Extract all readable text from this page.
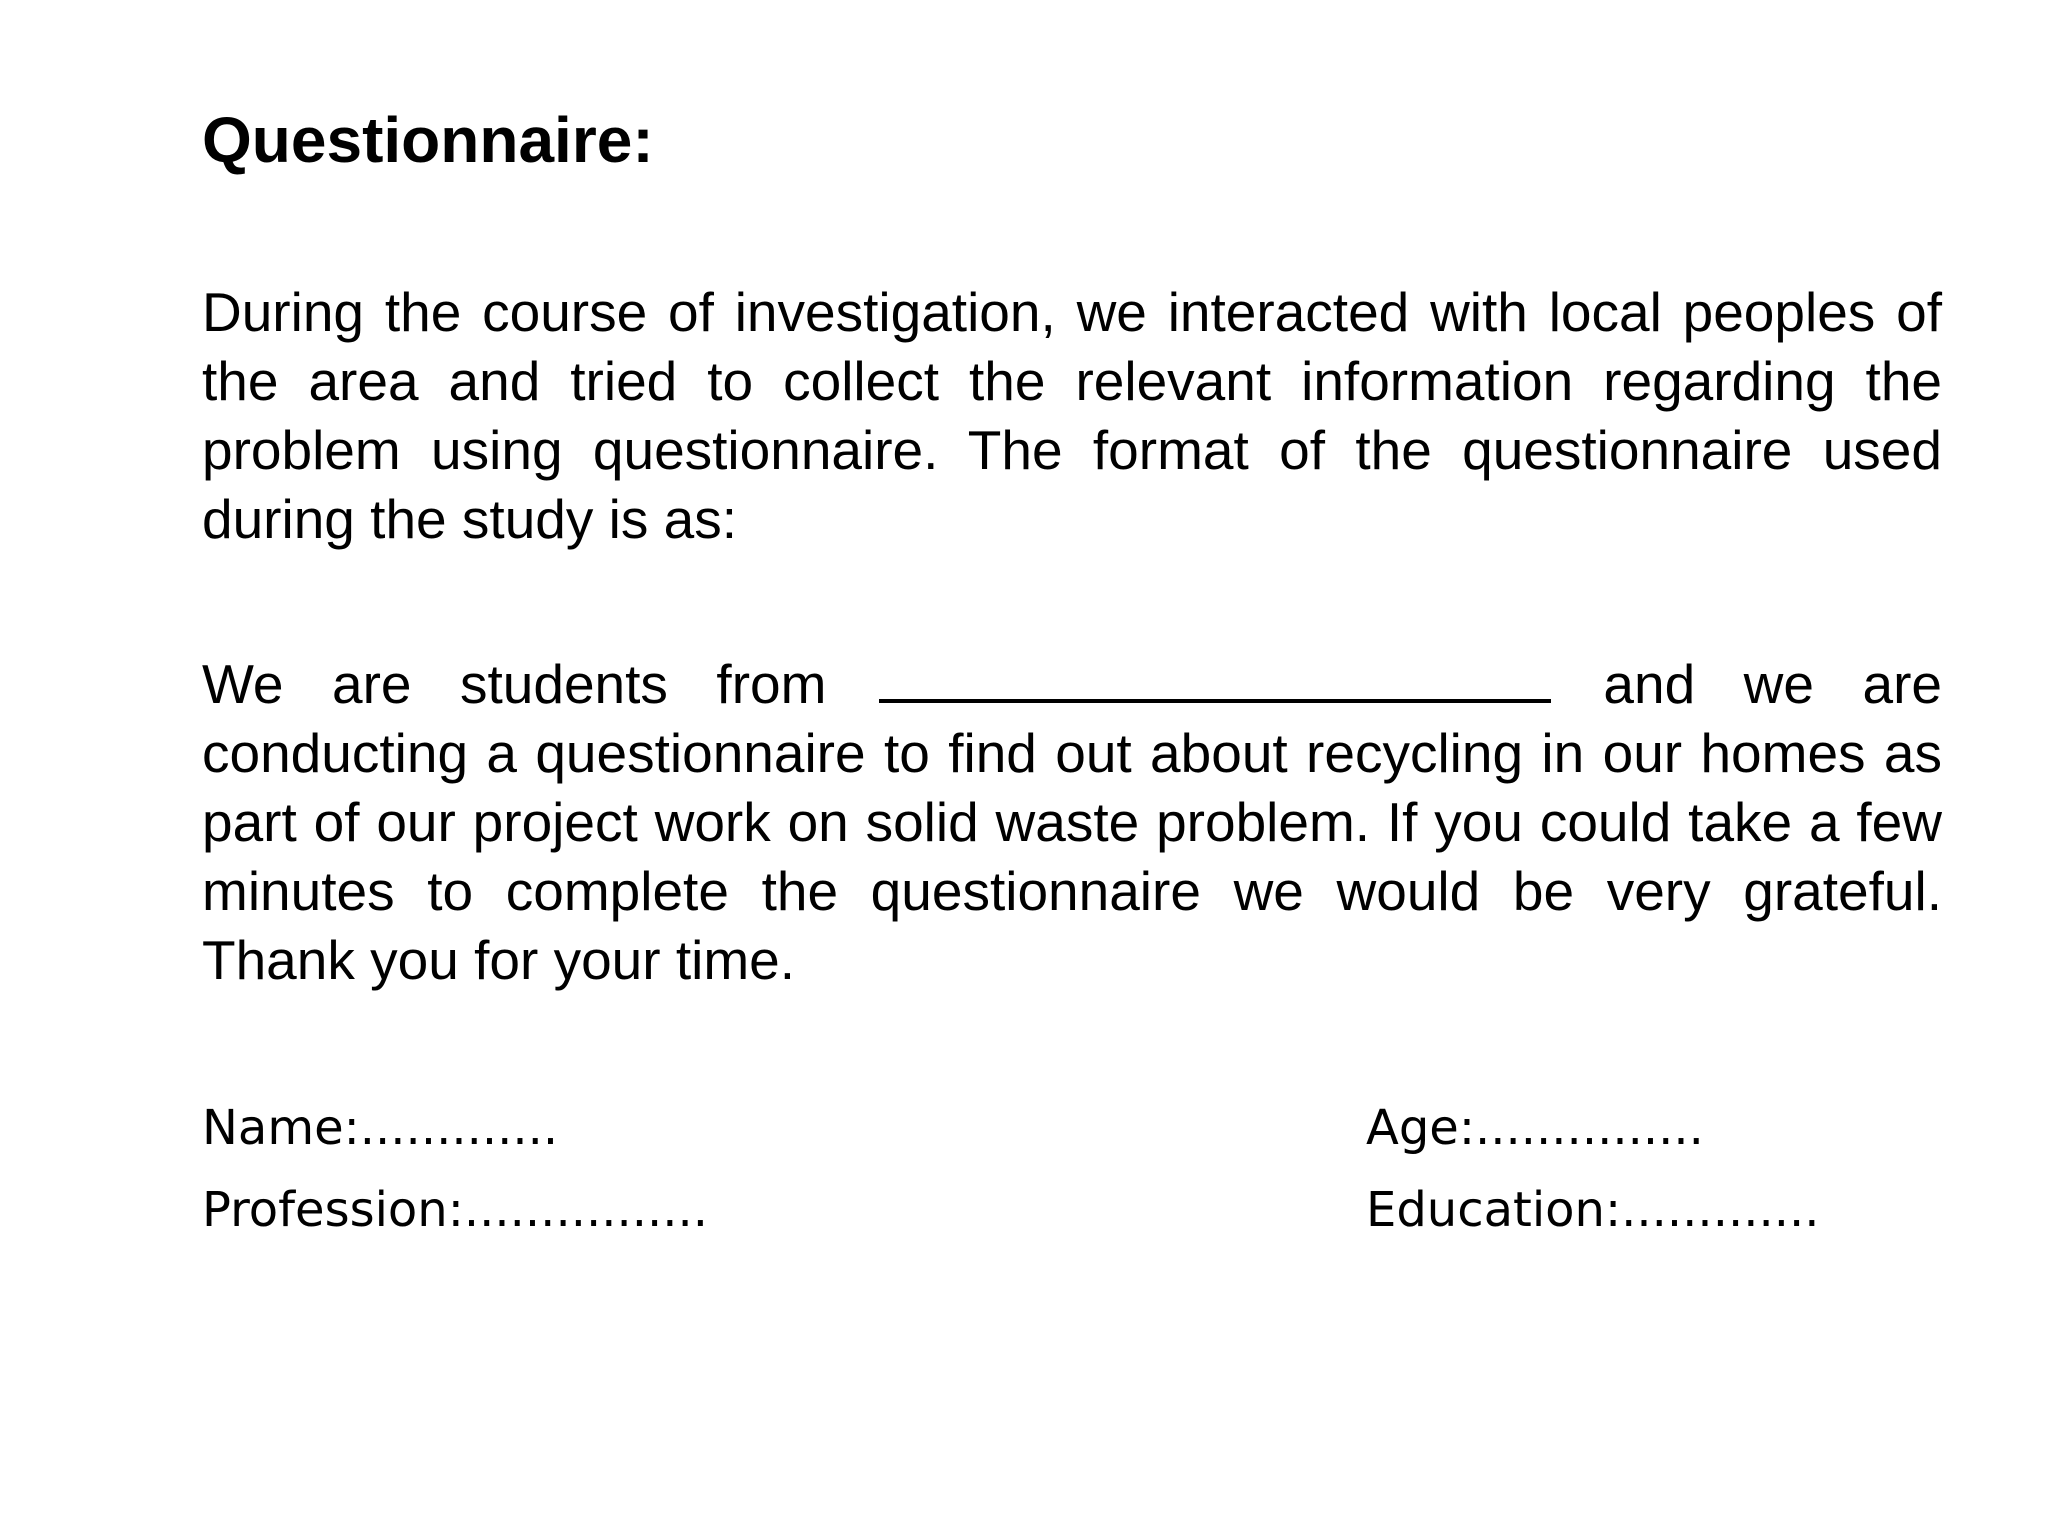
Questionnaire:

During the course of investigation, we interacted with local peoples of the area and tried to collect the relevant information regarding the problem using questionnaire. The format of the questionnaire used during the study is as:

We are students from	and we are conducting a questionnaire to find out about recycling in our homes as part of our project work on solid waste problem. If you could take a few minutes to complete the questionnaire we would be very grateful. Thank you for your time.

Name:.............
Profession:................
Age:...............
Education:.............
